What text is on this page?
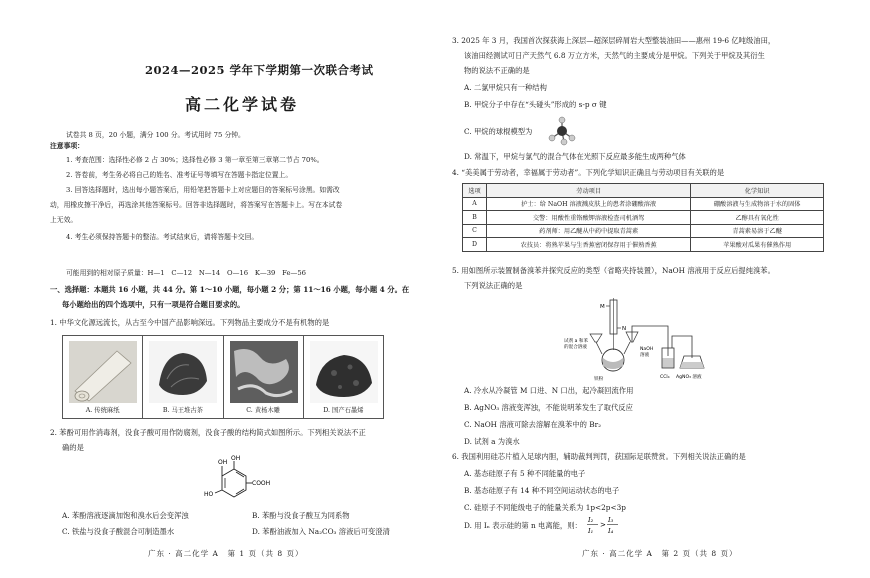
2024—2025 学年下学期第一次联合考试
高二化学试卷
试卷共 8 页，20 小题，满分 100 分。考试用时 75 分钟。
注意事项：
1. 考查范围：选择性必修 2 占 30%；选择性必修 3 第一章至第三章第二节占 70%。
2. 答卷前，考生务必将自己的姓名、准考证号等填写在答题卡指定位置上。
3. 回答选择题时，选出每小题答案后，用铅笔把答题卡上对应题目的答案标号涂黑。如需改
动，用橡皮擦干净后，再选涂其他答案标号。回答非选择题时，将答案写在答题卡上。写在本试卷
上无效。
4. 考生必须保持答题卡的整洁。考试结束后，请将答题卡交回。
可能用到的相对原子质量：H—1　C—12　N—14　O—16　K—39　Fe—56
一、选择题：本题共 16 小题，共 44 分。第 1～10 小题，每小题 2 分；第 11～16 小题，每小题 4 分。在
每小题给出的四个选项中，只有一项是符合题目要求的。
1. 中华文化源远流长，从古至今中国产品影响深远。下列物品主要成分不是有机物的是
A. 传统麻纸	B. 马王堆古茶	C. 黄杨木雕	D. 国产石墨烯
2. 苯酚可用作消毒剂，没食子酸可用作防腐剂，没食子酸的结构简式如图所示。下列相关说法不正
确的是
OH
OH
HO
COOH
A. 苯酚溶液逐滴加饱和溴水后会变浑浊	B. 苯酚与没食子酸互为同系物
C. 铁盐与没食子酸混合可制造墨水	D. 苯酚油液加入 Na₂CO₃ 溶液后可变澄清
广东 · 高二化学 A　第 1 页（共 8 页）
3. 2025 年 3 月，我国首次探获海上深层—超深层碎屑岩大型整装油田——惠州 19-6 亿吨级油田，
该油田经测试可日产天然气 6.8 万立方米，天然气的主要成分是甲烷。下列关于甲烷及其衍生
物的说法不正确的是
A. 二氯甲烷只有一种结构
B. 甲烷分子中存在“头碰头”形成的 s-p σ 键
C. 甲烷的球棍模型为
D. 常温下，甲烷与氯气的混合气体在光照下反应最多能生成两种气体
4. “美美属于劳动者，幸福属于劳动者”。下列化学知识正确且与劳动项目有关联的是
选项	劳动项目	化学知识
A	护士：给 NaOH 溶液溅皮肤上的患者涂硼酸溶液	硼酸溶液与生成物溶于水的固体
B	交警：用酸性重铬酸钾溶液检查司机酒驾	乙醇具有氧化性
C	药剂师：用乙醚从中药中提取青蒿素	青蒿素易溶于乙醚
D	农技员：将熟苹果与生香蕉密闭保存用于催熟香蕉	苹果酸对瓜果有催熟作用
5. 用如图所示装置制备溴苯并探究反应的类型（省略夹持装置），NaOH 溶液用于反应后提纯溴苯。
下列说法正确的是
M
N
试剂 a 和苯
的混合溶液
铁粉
NaOH
溶液
CCl₄ AgNO₃ 溶液
A. 冷水从冷凝管 M 口进、N 口出，起冷凝回流作用
B. AgNO₃ 溶液变浑浊，不能说明苯发生了取代反应
C. NaOH 溶液可除去溶解在溴苯中的 Br₂
D. 试剂 a 为溴水
6. 我国利用硅芯片植入足球内胆，辅助裁判判罚，获国际足联赞赏。下列相关说法正确的是
A. 基态硅原子有 5 种不同能量的电子
B. 基态硅原子有 14 种不同空间运动状态的电子
C. 硅原子不同能级电子的能量关系为 1p<2p<3p
D. 用 Iₙ 表示硅的第 n 电离能，则：
I₂
I₁
>
I₃
I₄
广东 · 高二化学 A　第 2 页（共 8 页）
